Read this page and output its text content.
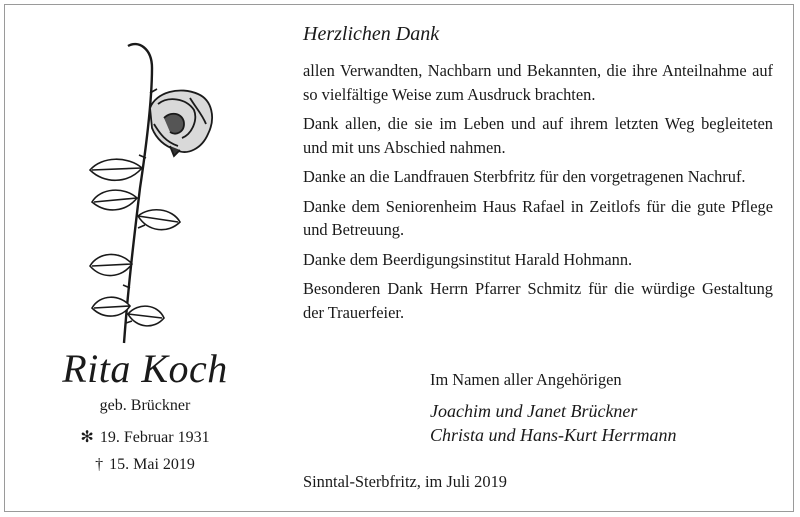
Rita Koch
geb. Brückner
✻ 19. Februar 1931
† 15. Mai 2019
Herzlichen Dank

allen Verwandten, Nachbarn und Bekannten, die ihre Anteilnahme auf so vielfältige Weise zum Ausdruck brachten.

Dank allen, die sie im Leben und auf ihrem letzten Weg begleiteten und mit uns Abschied nahmen.

Danke an die Landfrauen Sterbfritz für den vorgetragenen Nachruf.

Danke dem Seniorenheim Haus Rafael in Zeitlofs für die gute Pflege und Betreuung.

Danke dem Beerdigungsinstitut Harald Hohmann.

Besonderen Dank Herrn Pfarrer Schmitz für die würdige Gestaltung der Trauerfeier.

Im Namen aller Angehörigen
Joachim und Janet Brückner
Christa und Hans-Kurt Herrmann
Sinntal-Sterbfritz, im Juli 2019
